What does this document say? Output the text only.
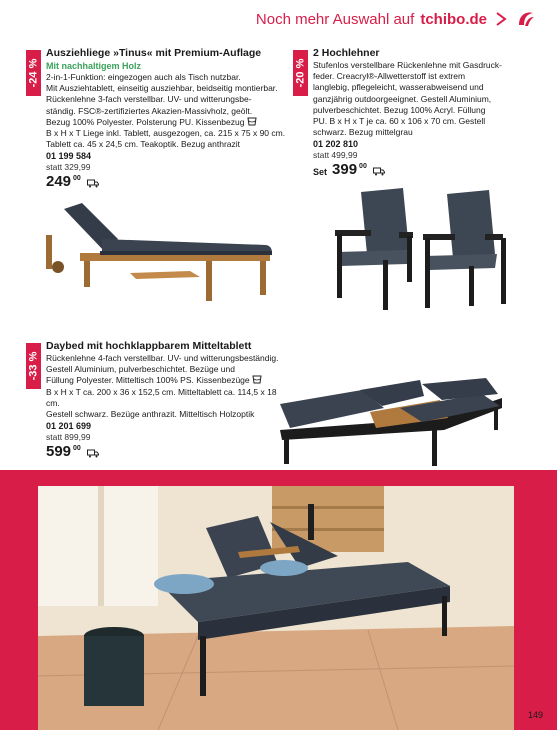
Noch mehr Auswahl auf tchibo.de
-24 %
Ausziehliege »Tinus« mit Premium-Auflage
Mit nachhaltigem Holz

2-in-1-Funktion: eingezogen auch als Tisch nutzbar.

Mit Ausziehtablett, einseitig ausziehbar, beidseitig montierbar.

Rückenlehne 3-fach verstellbar. UV- und witterungsbe-

ständig. FSC®-zertifiziertes Akazien-Massivholz, geölt.

Bezug 100% Polyester. Polsterung PU. Kissenbezug

B x H x T Liege inkl. Tablett, ausgezogen, ca. 215 x 75 x 90 cm.

Tablett ca. 45 x 24,5 cm. Teakoptik. Bezug anthrazit

01 199 584
statt 329,99
249 00
-20 %
2 Hochlehner

Stufenlos verstellbare Rückenlehne mit Gasdruck-

feder. Creacryl®-Allwetterstoff ist extrem

langlebig, pflegeleicht, wasserabweisend und

ganzjährig outdoorgeeignet. Gestell Aluminium,

pulverbeschichtet. Bezug 100% Acryl. Füllung

PU. B x H x T je ca. 60 x 106 x 70 cm. Gestell

schwarz. Bezug mittelgrau

01 202 810
statt 499,99
Set 399 00
-33 %
Daybed mit hochklappbarem Mitteltablett

Rückenlehne 4-fach verstellbar. UV- und witterungsbeständig.

Gestell Aluminium, pulverbeschichtet. Bezüge und

Füllung Polyester. Mitteltisch 100% PS. Kissenbezüge

B x H x T ca. 200 x 36 x 152,5 cm. Mitteltablett ca. 114,5 x 18 cm.

Gestell schwarz. Bezüge anthrazit. Mitteltisch Holzoptik

01 201 699
statt 899,99
599 00
149
